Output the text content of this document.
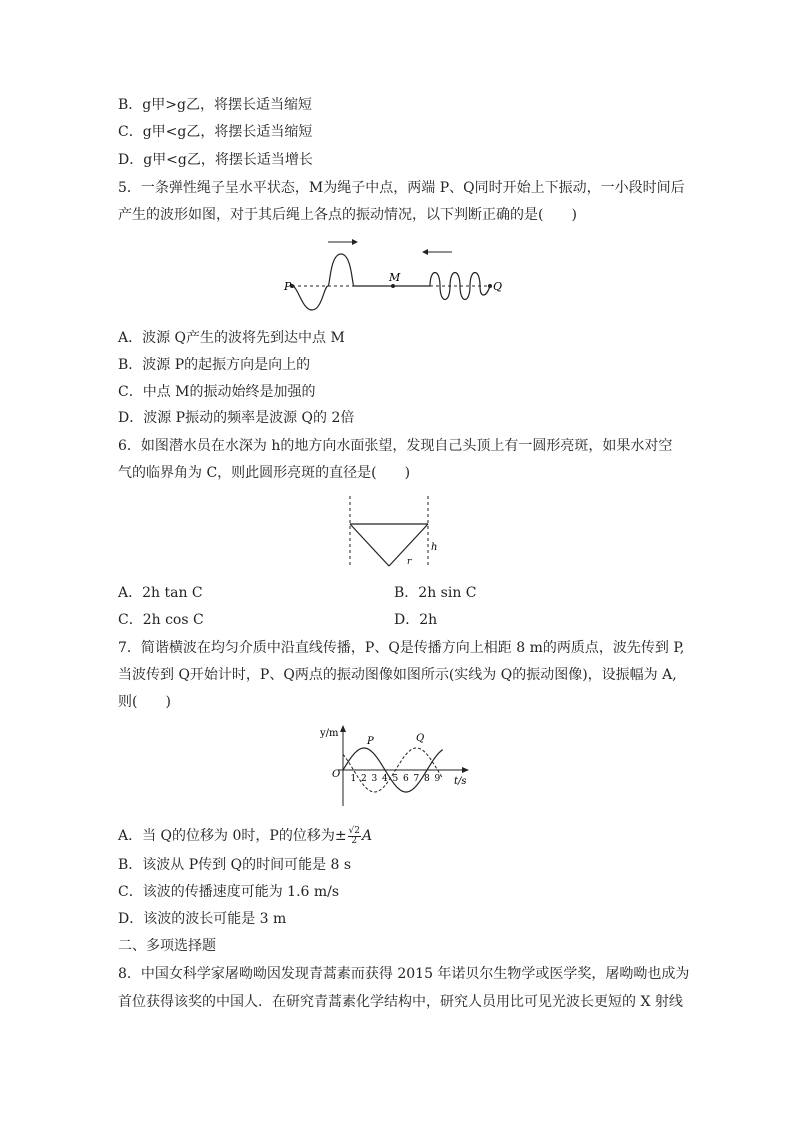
B．g甲>g乙，将摆长适当缩短
C．g甲<g乙，将摆长适当缩短
D．g甲<g乙，将摆长适当增长
5．一条弹性绳子呈水平状态，M为绳子中点，两端 P、Q同时开始上下振动，一小段时间后
产生的波形如图，对于其后绳上各点的振动情况，以下判断正确的是(　　)
P
M
Q
A．波源 Q产生的波将先到达中点 M
B．波源 P的起振方向是向上的
C．中点 M的振动始终是加强的
D．波源 P振动的频率是波源 Q的 2倍
6．如图潜水员在水深为 h的地方向水面张望，发现自己头顶上有一圆形亮斑，如果水对空
气的临界角为 C，则此圆形亮斑的直径是(　　)
h
r
A．2h tan C	B．2h sin C
C．2h cos C	D．2h
7．简谐横波在均匀介质中沿直线传播，P、Q是传播方向上相距 8 m的两质点，波先传到 P,
当波传到 Q开始计时，P、Q两点的振动图像如图所示(实线为 Q的振动图像)，设振幅为 A,
则(　　)
y/m
t/s
O 1 2 3 4 5 6 7 8 9
P	Q
A．当 Q的位移为 0时，P的位移为± $\frac{√2}{2}$ A
B．该波从 P传到 Q的时间可能是 8 s
C．该波的传播速度可能为 1.6 m/s
D．该波的波长可能是 3 m
二、多项选择题
8．中国女科学家屠呦呦因发现青蒿素而获得 2015 年诺贝尔生物学或医学奖，屠呦呦也成为
首位获得该奖的中国人．在研究青蒿素化学结构中，研究人员用比可见光波长更短的 X 射线
